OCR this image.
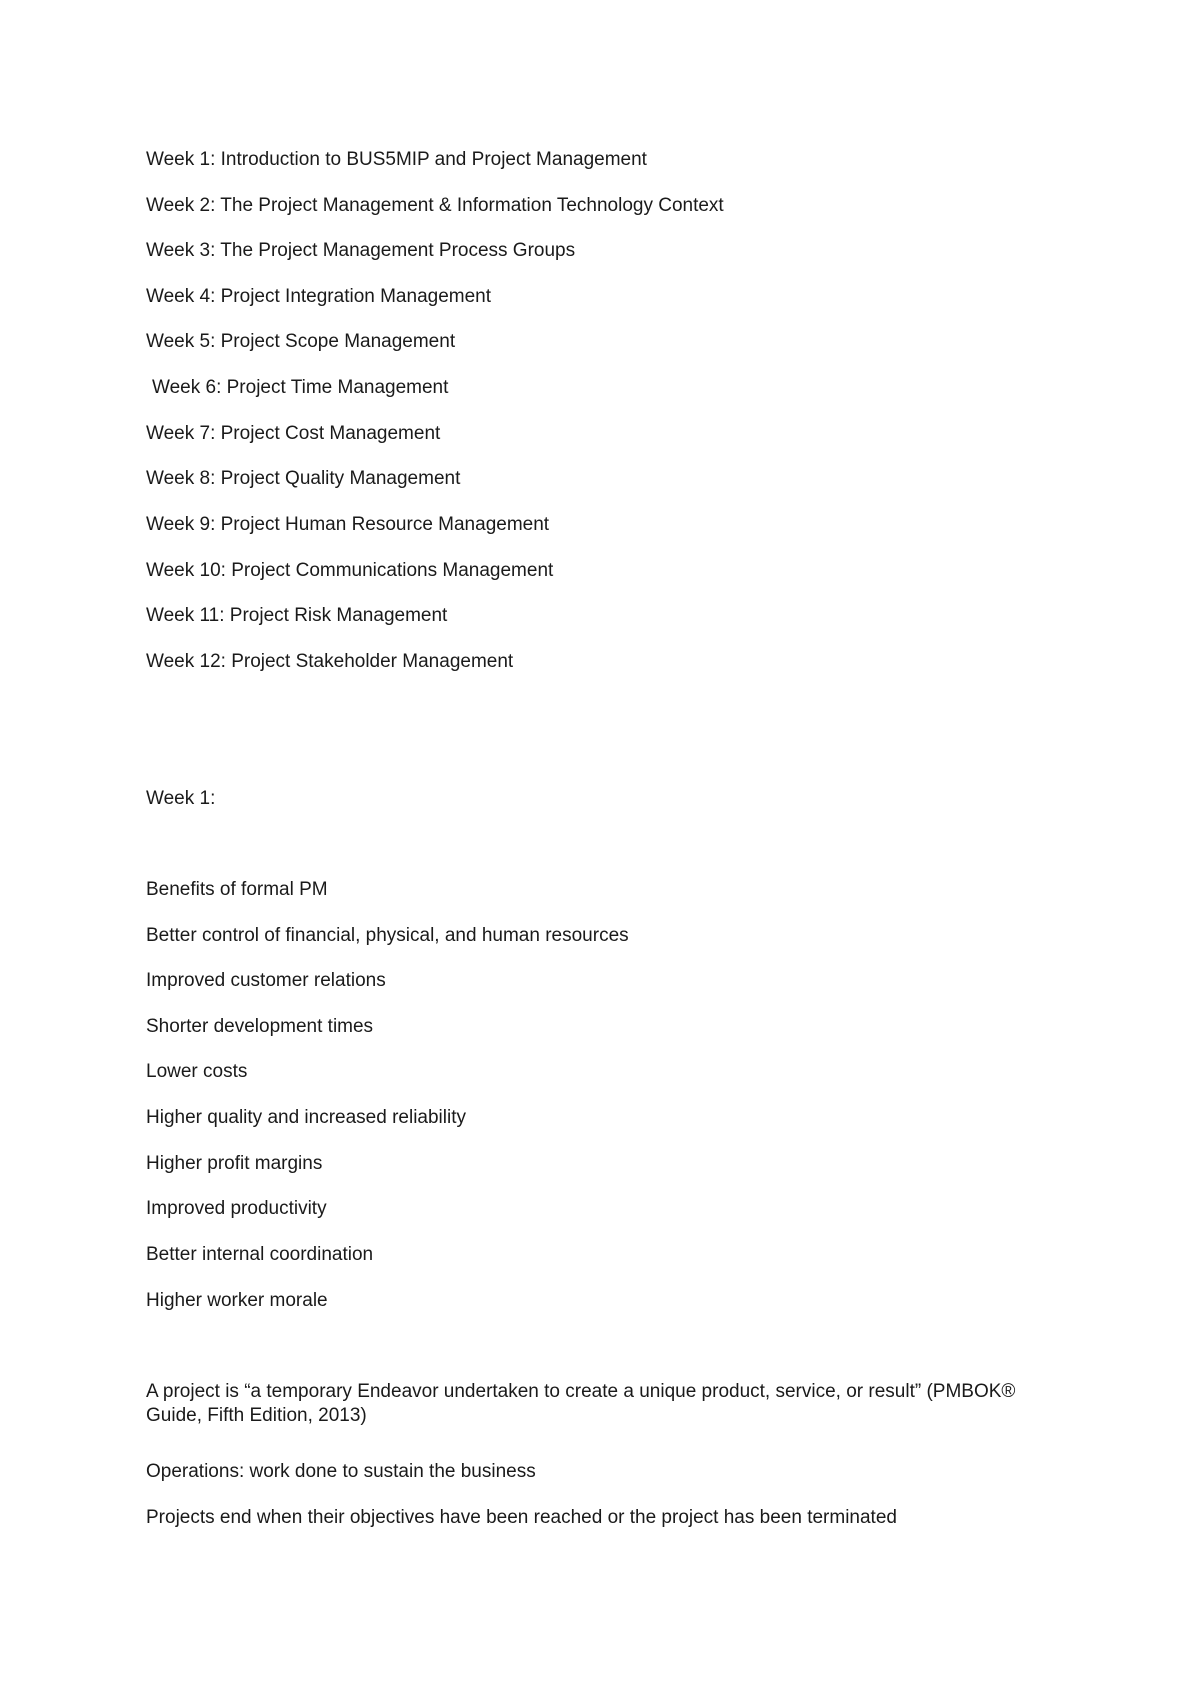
Week 1: Introduction to BUS5MIP and Project Management

Week 2: The Project Management & Information Technology Context

Week 3: The Project Management Process Groups

Week 4: Project Integration Management

Week 5: Project Scope Management

Week 6: Project Time Management

Week 7: Project Cost Management

Week 8: Project Quality Management

Week 9: Project Human Resource Management

Week 10: Project Communications Management

Week 11: Project Risk Management

Week 12: Project Stakeholder Management

Week 1:

Benefits of formal PM

Better control of financial, physical, and human resources

Improved customer relations

Shorter development times

Lower costs

Higher quality and increased reliability

Higher profit margins

Improved productivity

Better internal coordination

Higher worker morale

A project is “a temporary Endeavor undertaken to create a unique product, service, or result” (PMBOK® Guide, Fifth Edition, 2013)

Operations: work done to sustain the business

Projects end when their objectives have been reached or the project has been terminated
